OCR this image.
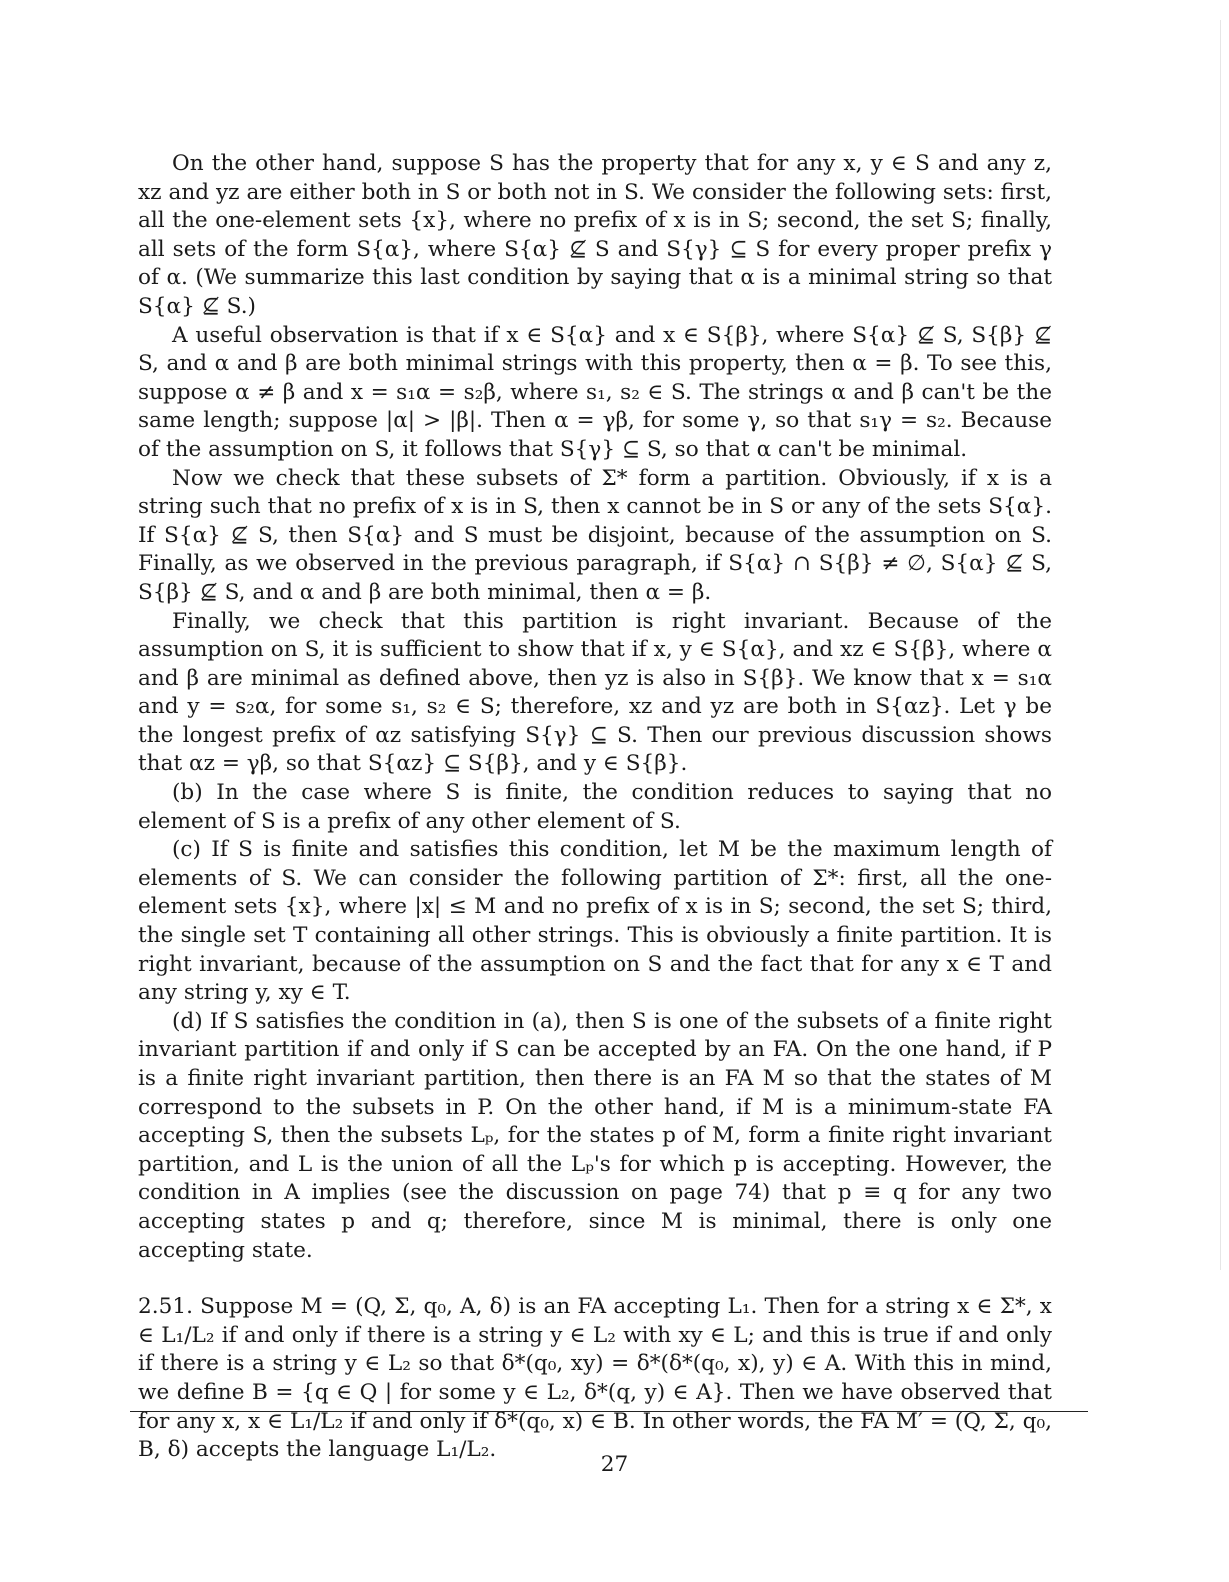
On the other hand, suppose S has the property that for any x, y ∈ S and any z, xz and yz are either both in S or both not in S. We consider the following sets: first, all the one-element sets {x}, where no prefix of x is in S; second, the set S; finally, all sets of the form S{α}, where S{α} ⊈ S and S{γ} ⊆ S for every proper prefix γ of α. (We summarize this last condition by saying that α is a minimal string so that S{α} ⊈ S.)

A useful observation is that if x ∈ S{α} and x ∈ S{β}, where S{α} ⊈ S, S{β} ⊈ S, and α and β are both minimal strings with this property, then α = β. To see this, suppose α ≠ β and x = s₁α = s₂β, where s₁, s₂ ∈ S. The strings α and β can't be the same length; suppose |α| > |β|. Then α = γβ, for some γ, so that s₁γ = s₂. Because of the assumption on S, it follows that S{γ} ⊆ S, so that α can't be minimal.

Now we check that these subsets of Σ* form a partition. Obviously, if x is a string such that no prefix of x is in S, then x cannot be in S or any of the sets S{α}. If S{α} ⊈ S, then S{α} and S must be disjoint, because of the assumption on S. Finally, as we observed in the previous paragraph, if S{α} ∩ S{β} ≠ ∅, S{α} ⊈ S, S{β} ⊈ S, and α and β are both minimal, then α = β.

Finally, we check that this partition is right invariant. Because of the assumption on S, it is sufficient to show that if x, y ∈ S{α}, and xz ∈ S{β}, where α and β are minimal as defined above, then yz is also in S{β}. We know that x = s₁α and y = s₂α, for some s₁, s₂ ∈ S; therefore, xz and yz are both in S{αz}. Let γ be the longest prefix of αz satisfying S{γ} ⊆ S. Then our previous discussion shows that αz = γβ, so that S{αz} ⊆ S{β}, and y ∈ S{β}.

(b) In the case where S is finite, the condition reduces to saying that no element of S is a prefix of any other element of S.

(c) If S is finite and satisfies this condition, let M be the maximum length of elements of S. We can consider the following partition of Σ*: first, all the one-element sets {x}, where |x| ≤ M and no prefix of x is in S; second, the set S; third, the single set T containing all other strings. This is obviously a finite partition. It is right invariant, because of the assumption on S and the fact that for any x ∈ T and any string y, xy ∈ T.

(d) If S satisfies the condition in (a), then S is one of the subsets of a finite right invariant partition if and only if S can be accepted by an FA. On the one hand, if P is a finite right invariant partition, then there is an FA M so that the states of M correspond to the subsets in P. On the other hand, if M is a minimum-state FA accepting S, then the subsets Lₚ, for the states p of M, form a finite right invariant partition, and L is the union of all the Lₚ's for which p is accepting. However, the condition in A implies (see the discussion on page 74) that p ≡ q for any two accepting states p and q; therefore, since M is minimal, there is only one accepting state.

2.51. Suppose M = (Q, Σ, q₀, A, δ) is an FA accepting L₁. Then for a string x ∈ Σ*, x ∈ L₁/L₂ if and only if there is a string y ∈ L₂ with xy ∈ L; and this is true if and only if there is a string y ∈ L₂ so that δ*(q₀, xy) = δ*(δ*(q₀, x), y) ∈ A. With this in mind, we define B = {q ∈ Q | for some y ∈ L₂, δ*(q, y) ∈ A}. Then we have observed that for any x, x ∈ L₁/L₂ if and only if δ*(q₀, x) ∈ B. In other words, the FA M′ = (Q, Σ, q₀, B, δ) accepts the language L₁/L₂.

27
